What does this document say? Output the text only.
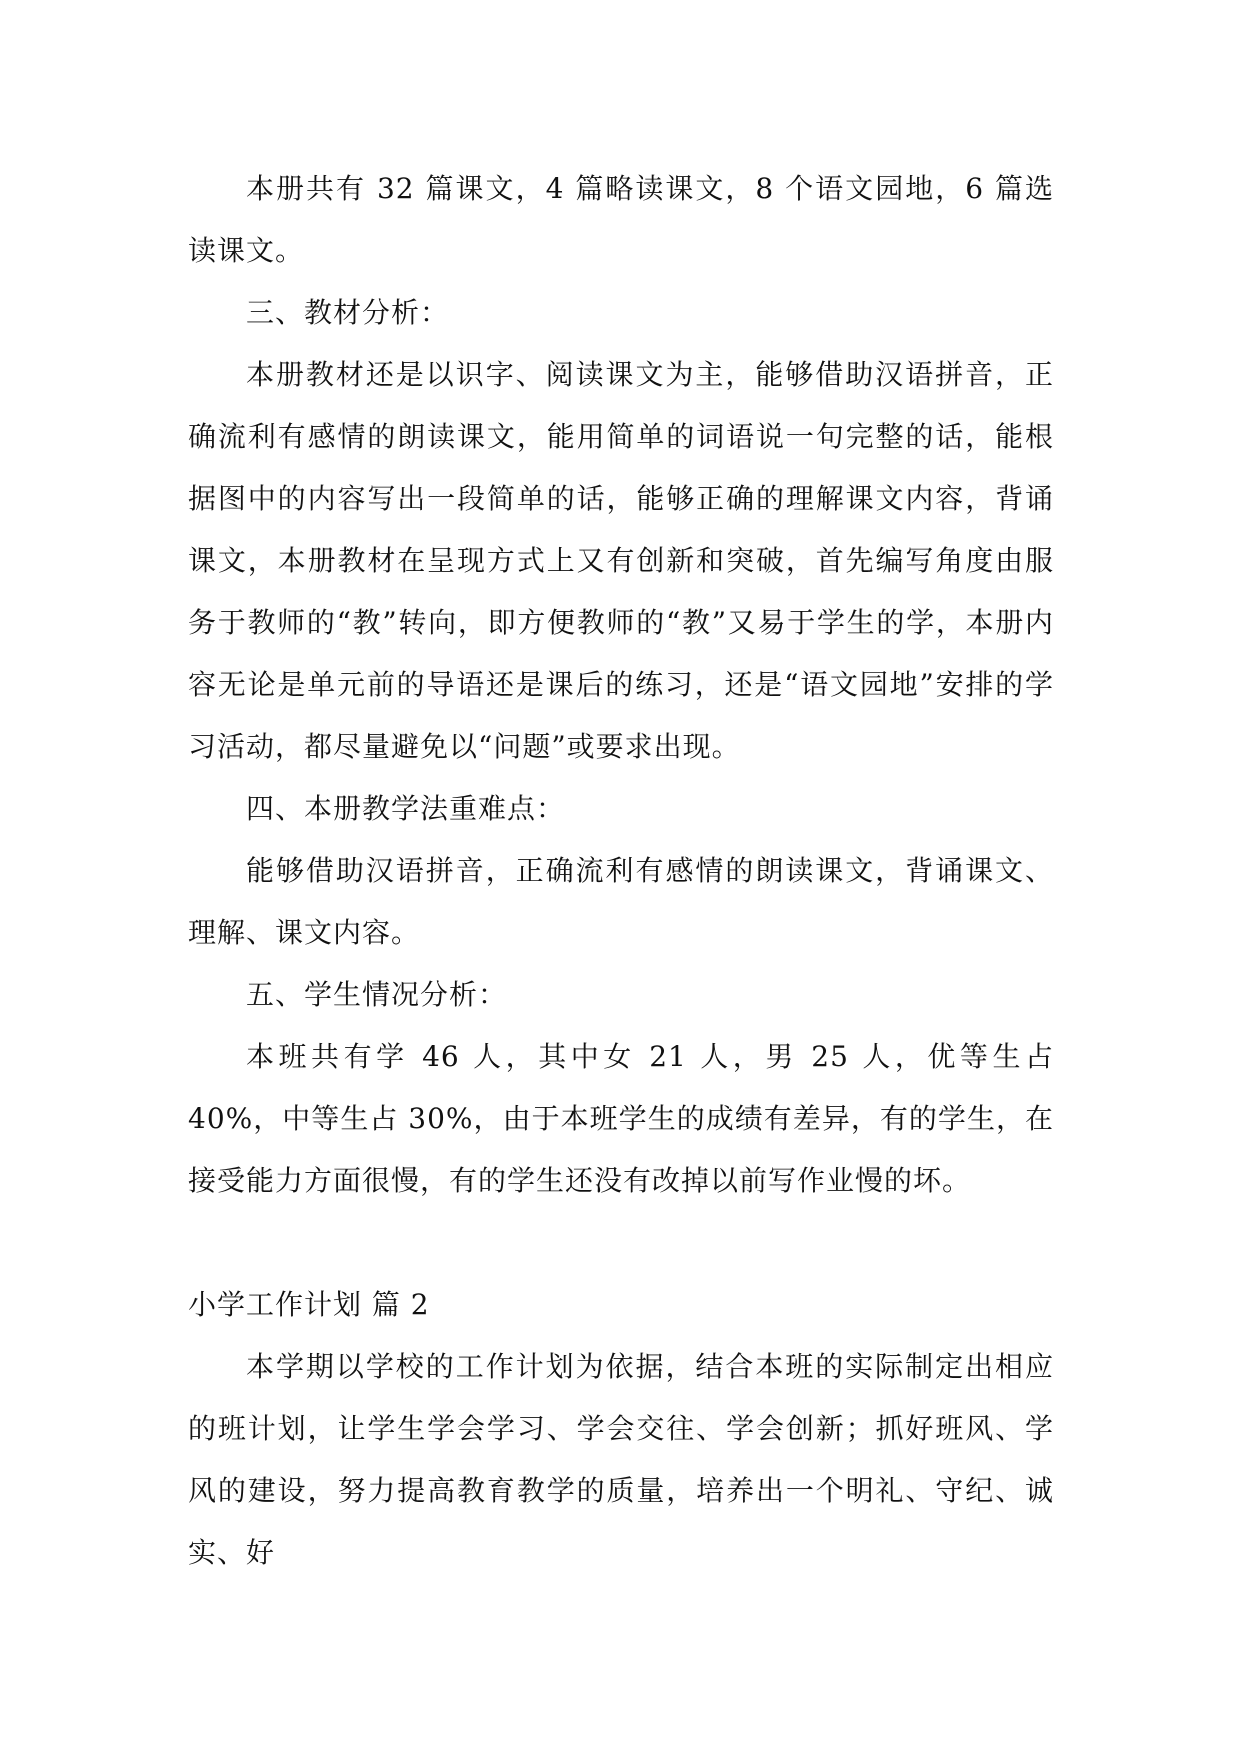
本册共有 32 篇课文，4 篇略读课文，8 个语文园地，6 篇选读课文。

三、教材分析：

本册教材还是以识字、阅读课文为主，能够借助汉语拼音，正确流利有感情的朗读课文，能用简单的词语说一句完整的话，能根据图中的内容写出一段简单的话，能够正确的理解课文内容，背诵课文，本册教材在呈现方式上又有创新和突破，首先编写角度由服务于教师的“教”转向，即方便教师的“教”又易于学生的学，本册内容无论是单元前的导语还是课后的练习，还是“语文园地”安排的学习活动，都尽量避免以“问题”或要求出现。

四、本册教学法重难点：

能够借助汉语拼音，正确流利有感情的朗读课文，背诵课文、理解、课文内容。

五、学生情况分析：

本班共有学 46 人，其中女 21 人，男 25 人，优等生占 40%，中等生占 30%，由于本班学生的成绩有差异，有的学生，在接受能力方面很慢，有的学生还没有改掉以前写作业慢的坏。

小学工作计划 篇 2

本学期以学校的工作计划为依据，结合本班的实际制定出相应的班计划，让学生学会学习、学会交往、学会创新；抓好班风、学风的建设，努力提高教育教学的质量，培养出一个明礼、守纪、诚实、好
